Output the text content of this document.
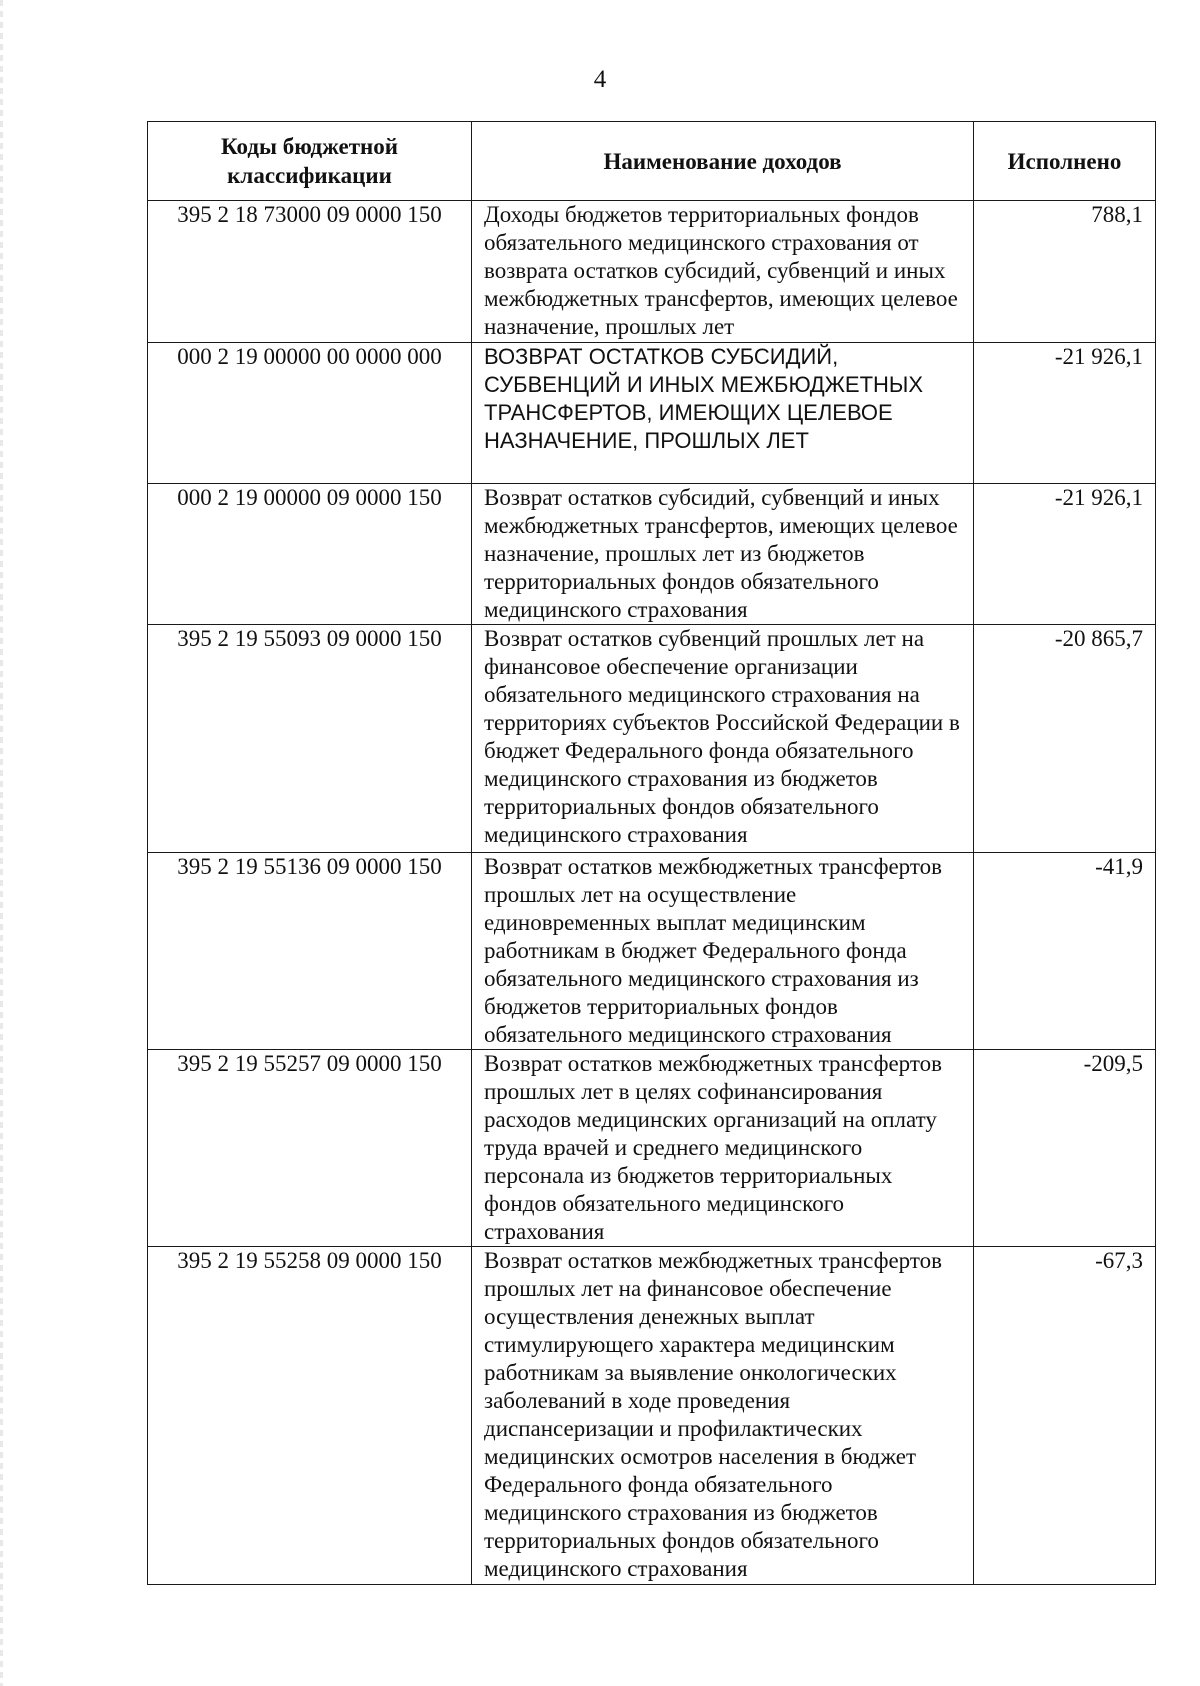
4
Коды бюджетной классификации	Наименование доходов	Исполнено
395 2 18 73000 09 0000 150	Доходы бюджетов территориальных фондов обязательного медицинского страхования от возврата остатков субсидий, субвенций и иных межбюджетных трансфертов, имеющих целевое назначение, прошлых лет	788,1
000 2 19 00000 00 0000 000	ВОЗВРАТ ОСТАТКОВ СУБСИДИЙ, СУБВЕНЦИЙ И ИНЫХ МЕЖБЮДЖЕТНЫХ ТРАНСФЕРТОВ, ИМЕЮЩИХ ЦЕЛЕВОЕ НАЗНАЧЕНИЕ, ПРОШЛЫХ ЛЕТ	-21 926,1
000 2 19 00000 09 0000 150	Возврат остатков субсидий, субвенций и иных межбюджетных трансфертов, имеющих целевое назначение, прошлых лет из бюджетов территориальных фондов обязательного медицинского страхования	-21 926,1
395 2 19 55093 09 0000 150	Возврат остатков субвенций прошлых лет на финансовое обеспечение организации обязательного медицинского страхования на территориях субъектов Российской Федерации в бюджет Федерального фонда обязательного медицинского страхования из бюджетов территориальных фондов обязательного медицинского страхования	-20 865,7
395 2 19 55136 09 0000 150	Возврат остатков межбюджетных трансфертов прошлых лет на осуществление единовременных выплат медицинским работникам в бюджет Федерального фонда обязательного медицинского страхования из бюджетов территориальных фондов обязательного медицинского страхования	-41,9
395 2 19 55257 09 0000 150	Возврат остатков межбюджетных трансфертов прошлых лет в целях софинансирования расходов медицинских организаций на оплату труда врачей и среднего медицинского персонала из бюджетов территориальных фондов обязательного медицинского страхования	-209,5
395 2 19 55258 09 0000 150	Возврат остатков межбюджетных трансфертов прошлых лет на финансовое обеспечение осуществления денежных выплат стимулирующего характера медицинским работникам за выявление онкологических заболеваний в ходе проведения диспансеризации и профилактических медицинских осмотров населения в бюджет Федерального фонда обязательного медицинского страхования из бюджетов территориальных фондов обязательного медицинского страхования	-67,3
